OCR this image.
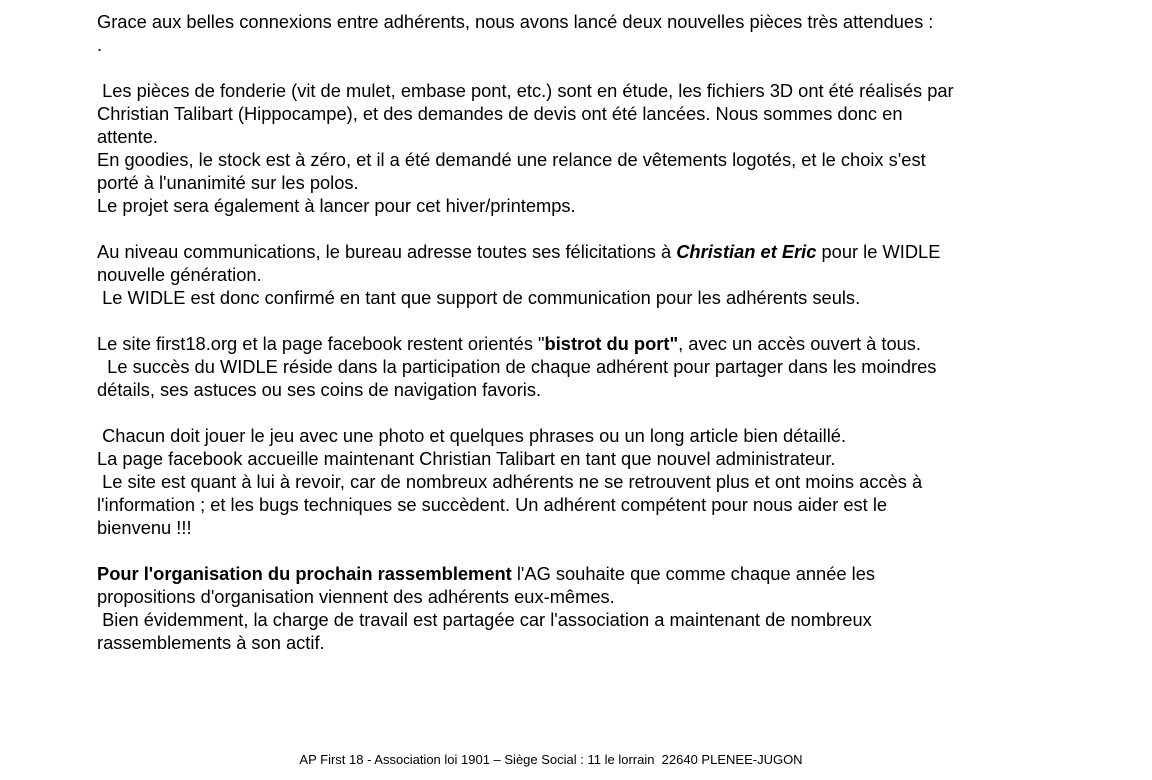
Grace aux belles connexions entre adhérents, nous avons lancé deux nouvelles pièces très attendues :
.
Les pièces de fonderie (vit de mulet, embase pont, etc.) sont en étude, les fichiers 3D ont été réalisés par
Christian Talibart (Hippocampe), et des demandes de devis ont été lancées. Nous sommes donc en
attente.
En goodies, le stock est à zéro, et il a été demandé une relance de vêtements logotés, et le choix s'est
porté à l'unanimité sur les polos.
Le projet sera également à lancer pour cet hiver/printemps.
Au niveau communications, le bureau adresse toutes ses félicitations à Christian et Eric pour le WIDLE
nouvelle génération.
Le WIDLE est donc confirmé en tant que support de communication pour les adhérents seuls.
Le site first18.org et la page facebook restent orientés "bistrot du port", avec un accès ouvert à tous.
Le succès du WIDLE réside dans la participation de chaque adhérent pour partager dans les moindres
détails, ses astuces ou ses coins de navigation favoris.
Chacun doit jouer le jeu avec une photo et quelques phrases ou un long article bien détaillé.
La page facebook accueille maintenant Christian Talibart en tant que nouvel administrateur.
Le site est quant à lui à revoir, car de nombreux adhérents ne se retrouvent plus et ont moins accès à
l'information ; et les bugs techniques se succèdent. Un adhérent compétent pour nous aider est le
bienvenu !!!
Pour l'organisation du prochain rassemblement l'AG souhaite que comme chaque année les
propositions d'organisation viennent des adhérents eux-mêmes.
Bien évidemment, la charge de travail est partagée car l'association a maintenant de nombreux
rassemblements à son actif.
AP First 18 - Association loi 1901 – Siège Social : 11 le lorrain  22640 PLENEE-JUGON
